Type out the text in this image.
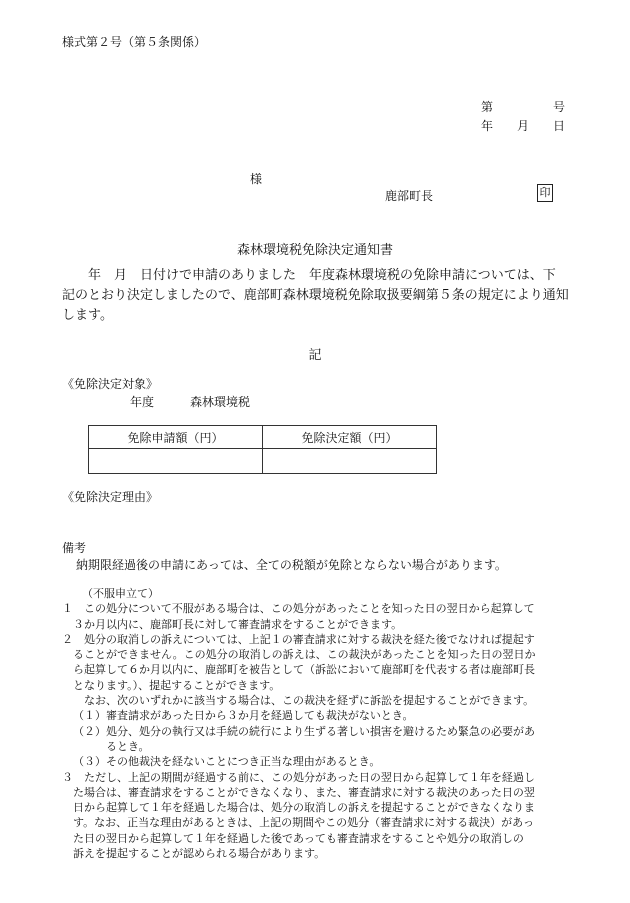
様式第２号（第５条関係）
第　　　　　号
年　　月　　日
様
鹿部町長	印
森林環境税免除決定通知書
　　年　月　日付けで申請のありました　年度森林環境税の免除申請については、下
記のとおり決定しましたので、鹿部町森林環境税免除取扱要綱第５条の規定により通知
します。
記
《免除決定対象》
年度　　　森林環境税
免除申請額（円）	免除決定額（円）

《免除決定理由》
備考
納期限経過後の申請にあっては、全ての税額が免除とならない場合があります。
（不服申立て）
１　この処分について不服がある場合は、この処分があったことを知った日の翌日から起算して
３か月以内に、鹿部町長に対して審査請求をすることができます。
２　処分の取消しの訴えについては、上記１の審査請求に対する裁決を経た後でなければ提起す
ることができません。この処分の取消しの訴えは、この裁決があったことを知った日の翌日か
ら起算して６か月以内に、鹿部町を被告として（訴訟において鹿部町を代表する者は鹿部町長
となります。）、提起することができます。
なお、次のいずれかに該当する場合は、この裁決を経ずに訴訟を提起することができます。
（１）審査請求があった日から３か月を経過しても裁決がないとき。
（２）処分、処分の執行又は手続の続行により生ずる著しい損害を避けるため緊急の必要があ
るとき。
（３）その他裁決を経ないことにつき正当な理由があるとき。
３　ただし、上記の期間が経過する前に、この処分があった日の翌日から起算して１年を経過し
た場合は、審査請求をすることができなくなり、また、審査請求に対する裁決のあった日の翌
日から起算して１年を経過した場合は、処分の取消しの訴えを提起することができなくなりま
す。なお、正当な理由があるときは、上記の期間やこの処分（審査請求に対する裁決）があっ
た日の翌日から起算して１年を経過した後であっても審査請求をすることや処分の取消しの
訴えを提起することが認められる場合があります。
